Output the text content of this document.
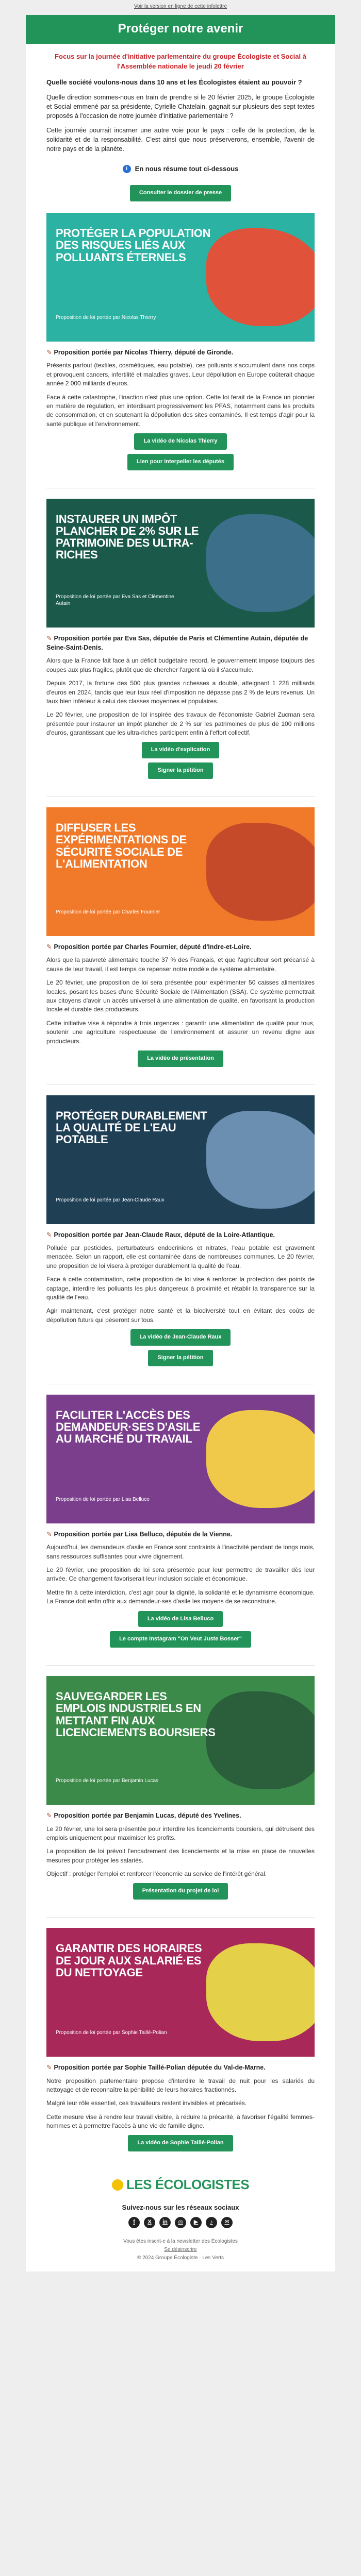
Voir la version en ligne de cette infolettre
Protéger notre avenir
Focus sur la journée d'initiative parlementaire du groupe Écologiste et Social à l'Assemblée nationale le jeudi 20 février
Quelle société voulons-nous dans 10 ans et les Écologistes étaient au pouvoir ?

Quelle direction sommes-nous en train de prendre si le 20 février 2025, le groupe Écologiste et Social emmené par sa présidente, Cyrielle Chatelain, gagnait sur plusieurs des sept textes proposés à l'occasion de notre journée d'initiative parlementaire ?

Cette journée pourrait incarner une autre voie pour le pays : celle de la protection, de la solidarité et de la responsabilité. C'est ainsi que nous préserverons, ensemble, l'avenir de notre pays et de la planète.

i	En nous résume tout ci-dessous
Consulter le dossier de presse
PROTÉGER LA POPULATION DES RISQUES LIÉS AUX POLLUANTS ÉTERNELS
Proposition de loi portée par Nicolas Thierry
✎ Proposition portée par Nicolas Thierry, député de Gironde.

Présents partout (textiles, cosmétiques, eau potable), ces polluants s'accumulent dans nos corps et provoquent cancers, infertilité et maladies graves. Leur dépollution en Europe coûterait chaque année 2 000 milliards d'euros.

Face à cette catastrophe, l'inaction n'est plus une option. Cette loi ferait de la France un pionnier en matière de régulation, en interdisant progressivement les PFAS, notamment dans les produits de consommation, et en soutenant la dépollution des sites contaminés. Il est temps d'agir pour la santé publique et l'environnement.

La vidéo de Nicolas Thierry
Lien pour interpeller les députés
INSTAURER UN IMPÔT PLANCHER DE 2% SUR LE PATRIMOINE DES ULTRA-RICHES
Proposition de loi portée par Eva Sas et Clémentine Autain
✎ Proposition portée par Eva Sas, députée de Paris et Clémentine Autain, députée de Seine-Saint-Denis.

Alors que la France fait face à un déficit budgétaire record, le gouvernement impose toujours des coupes aux plus fragiles, plutôt que de chercher l'argent là où il s'accumule.

Depuis 2017, la fortune des 500 plus grandes richesses a doublé, atteignant 1 228 milliards d'euros en 2024, tandis que leur taux réel d'imposition ne dépasse pas 2 % de leurs revenus. Un taux bien inférieur à celui des classes moyennes et populaires.

Le 20 février, une proposition de loi inspirée des travaux de l'économiste Gabriel Zucman sera présentée pour instaurer un impôt plancher de 2 % sur les patrimoines de plus de 100 millions d'euros, garantissant que les ultra-riches participent enfin à l'effort collectif.

La vidéo d'explication
Signer la pétition
DIFFUSER LES EXPÉRIMENTATIONS DE SÉCURITÉ SOCIALE DE L'ALIMENTATION
Proposition de loi portée par Charles Fournier
✎ Proposition portée par Charles Fournier, député d'Indre-et-Loire.

Alors que la pauvreté alimentaire touche 37 % des Français, et que l'agriculteur sort précarisé à cause de leur travail, il est temps de repenser notre modèle de système alimentaire.

Le 20 février, une proposition de loi sera présentée pour expérimenter 50 caisses alimentaires locales, posant les bases d'une Sécurité Sociale de l'Alimentation (SSA). Ce système permettrait aux citoyens d'avoir un accès universel à une alimentation de qualité, en favorisant la production locale et durable des producteurs.

Cette initiative vise à répondre à trois urgences : garantir une alimentation de qualité pour tous, soutenir une agriculture respectueuse de l'environnement et assurer un revenu digne aux producteurs.

La vidéo de présentation
PROTÉGER DURABLEMENT LA QUALITÉ DE L'EAU POTABLE
Proposition de loi portée par Jean-Claude Raux
✎ Proposition portée par Jean-Claude Raux, député de la Loire-Atlantique.

Polluée par pesticides, perturbateurs endocriniens et nitrates, l'eau potable est gravement menacée. Selon un rapport, elle est contaminée dans de nombreuses communes. Le 20 février, une proposition de loi visera à protéger durablement la qualité de l'eau.

Face à cette contamination, cette proposition de loi vise à renforcer la protection des points de captage, interdire les polluants les plus dangereux à proximité et rétablir la transparence sur la qualité de l'eau.

Agir maintenant, c'est protéger notre santé et la biodiversité tout en évitant des coûts de dépollution futurs qui pèseront sur tous.

La vidéo de Jean-Claude Raux
Signer la pétition
FACILITER L'ACCÈS DES DEMANDEUR·SES D'ASILE AU MARCHÉ DU TRAVAIL
Proposition de loi portée par Lisa Belluco
✎ Proposition portée par Lisa Belluco, députée de la Vienne.

Aujourd'hui, les demandeurs d'asile en France sont contraints à l'inactivité pendant de longs mois, sans ressources suffisantes pour vivre dignement.

Le 20 février, une proposition de loi sera présentée pour leur permettre de travailler dès leur arrivée. Ce changement favoriserait leur inclusion sociale et économique.

Mettre fin à cette interdiction, c'est agir pour la dignité, la solidarité et le dynamisme économique. La France doit enfin offrir aux demandeur·ses d'asile les moyens de se reconstruire.

La vidéo de Lisa Belluco
Le compte Instagram "On Veut Juste Bosser"
SAUVEGARDER LES EMPLOIS INDUSTRIELS EN METTANT FIN AUX LICENCIEMENTS BOURSIERS
Proposition de loi portée par Benjamin Lucas
✎ Proposition portée par Benjamin Lucas, député des Yvelines.

Le 20 février, une loi sera présentée pour interdire les licenciements boursiers, qui détruisent des emplois uniquement pour maximiser les profits.

La proposition de loi prévoit l'encadrement des licenciements et la mise en place de nouvelles mesures pour protéger les salariés.

Objectif : protéger l'emploi et renforcer l'économie au service de l'intérêt général.

Présentation du projet de loi
GARANTIR DES HORAIRES DE JOUR AUX SALARIÉ·ES DU NETTOYAGE
Proposition de loi portée par Sophie Taillé-Polian
✎ Proposition portée par Sophie Taillé-Polian députée du Val-de-Marne.

Notre proposition parlementaire propose d'interdire le travail de nuit pour les salariés du nettoyage et de reconnaître la pénibilité de leurs horaires fractionnés.

Malgré leur rôle essentiel, ces travailleurs restent invisibles et précarisés.

Cette mesure vise à rendre leur travail visible, à réduire la précarité, à favoriser l'égalité femmes-hommes et à permettre l'accès à une vie de famille digne.

La vidéo de Sophie Taillé-Polian
LES ÉCOLOGISTES
Suivez-nous sur les réseaux sociaux
f	X	in	◎	▶	♪	✉
Vous êtes inscrit·e à la newsletter des Écologistes
Se désinscrire
© 2024 Groupe Écologiste · Les Verts
